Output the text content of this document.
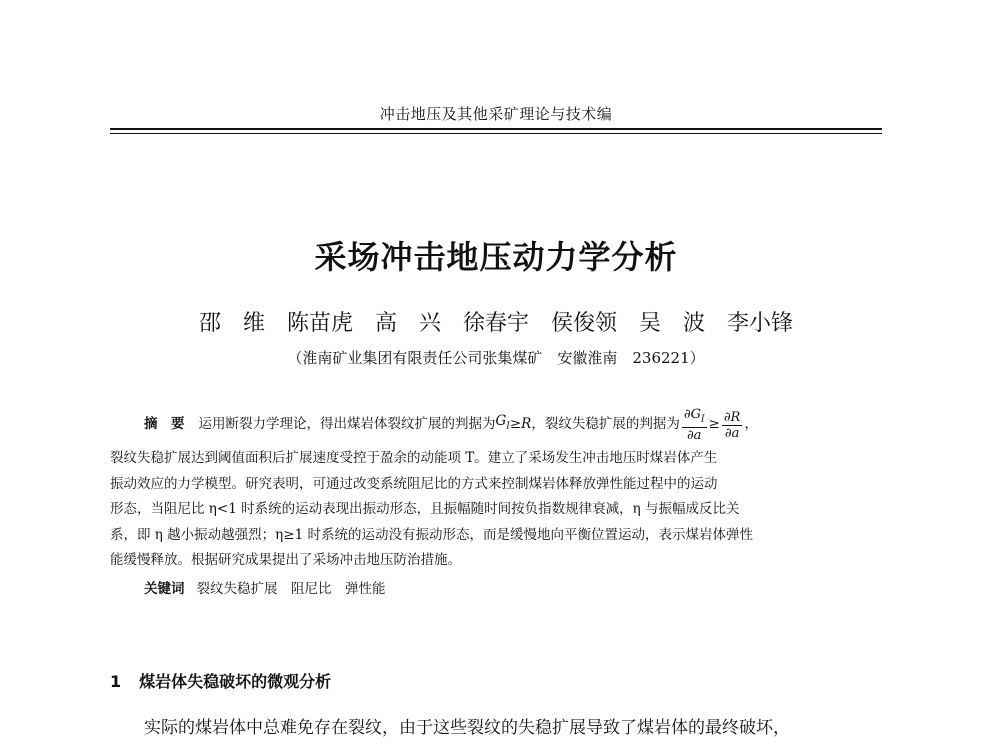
冲击地压及其他采矿理论与技术编
采场冲击地压动力学分析
邵　维　陈苗虎　高　兴　徐春宇　侯俊领　吴　波　李小锋
（淮南矿业集团有限责任公司张集煤矿　安徽淮南　236221）
摘　要 运用断裂力学理论，得出煤岩体裂纹扩展的判据为 $G_I \ge R$ ，裂纹失稳扩展的判据为 $\frac{\partial G_I}{\partial a} \ge \frac{\partial R}{\partial a}$ ，
裂纹失稳扩展达到阈值面积后扩展速度受控于盈余的动能项 T。建立了采场发生冲击地压时煤岩体产生
振动效应的力学模型。研究表明，可通过改变系统阻尼比的方式来控制煤岩体释放弹性能过程中的运动
形态，当阻尼比 η<1 时系统的运动表现出振动形态，且振幅随时间按负指数规律衰减，η 与振幅成反比关
系，即 η 越小振动越强烈；η≥1 时系统的运动没有振动形态，而是缓慢地向平衡位置运动，表示煤岩体弹性
能缓慢释放。根据研究成果提出了采场冲击地压防治措施。
关键词 裂纹失稳扩展　阻尼比　弹性能
1 煤岩体失稳破坏的微观分析
实际的煤岩体中总难免存在裂纹，由于这些裂纹的失稳扩展导致了煤岩体的最终破坏，
